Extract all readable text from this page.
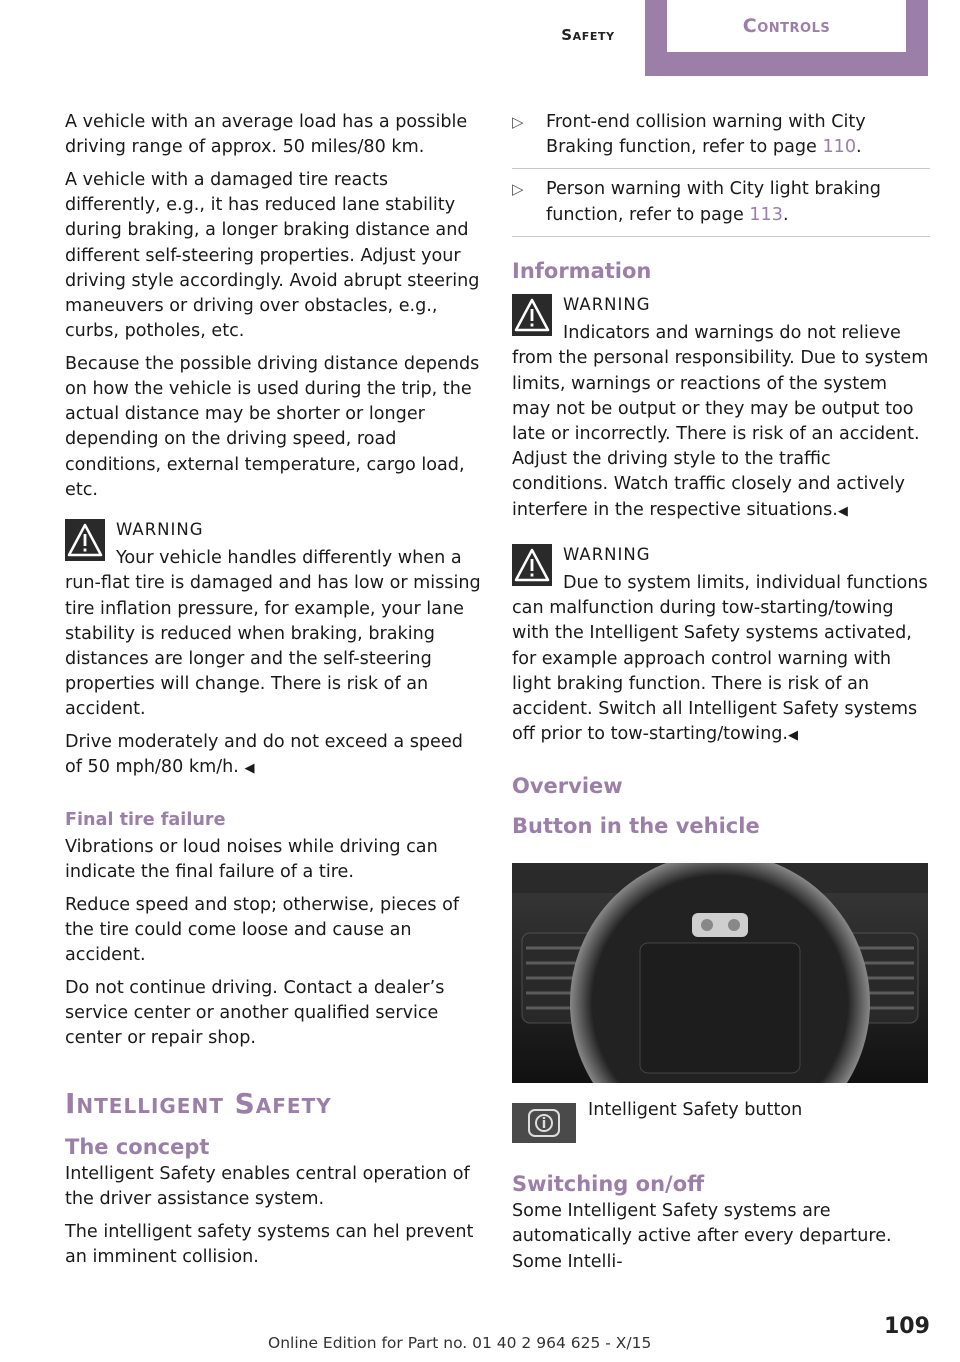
Safety	Controls

A vehicle with an average load has a possible driving range of approx. 50 miles/80 km.

A vehicle with a damaged tire reacts differently, e.g., it has reduced lane stability during braking, a longer braking distance and different self-steering properties. Adjust your driving style accordingly. Avoid abrupt steering maneuvers or driving over obstacles, e.g., curbs, potholes, etc.

Because the possible driving distance depends on how the vehicle is used during the trip, the actual distance may be shorter or longer depending on the driving speed, road conditions, external temperature, cargo load, etc.

WARNING
Your vehicle handles differently when a
run-flat tire is damaged and has low or missing tire inflation pressure, for example, your lane stability is reduced when braking, braking distances are longer and the self-steering properties will change. There is risk of an accident.

Drive moderately and do not exceed a speed of 50 mph/80 km/h. ◀

Final tire failure

Vibrations or loud noises while driving can indicate the final failure of a tire.

Reduce speed and stop; otherwise, pieces of the tire could come loose and cause an accident.

Do not continue driving. Contact a dealer’s service center or another qualified service center or repair shop.

Intelligent Safety
The concept

Intelligent Safety enables central operation of the driver assistance system.

The intelligent safety systems can hel prevent an imminent collision.

▷ Front-end collision warning with City Braking function, refer to page 110.
▷ Person warning with City light braking function, refer to page 113.
Information
WARNING
Indicators and warnings do not relieve
from the personal responsibility. Due to system limits, warnings or reactions of the system may not be output or they may be output too late or incorrectly. There is risk of an accident. Adjust the driving style to the traffic conditions. Watch traffic closely and actively interfere in the respective situations.◀
WARNING
Due to system limits, individual functions
can malfunction during tow-starting/towing with the Intelligent Safety systems activated, for example approach control warning with light braking function. There is risk of an accident. Switch all Intelligent Safety systems off prior to tow-starting/towing.◀
Overview
Button in the vehicle
Intelligent Safety button
Switching on/off

Some Intelligent Safety systems are automatically active after every departure. Some Intelli-

109
Online Edition for Part no. 01 40 2 964 625 - X/15
